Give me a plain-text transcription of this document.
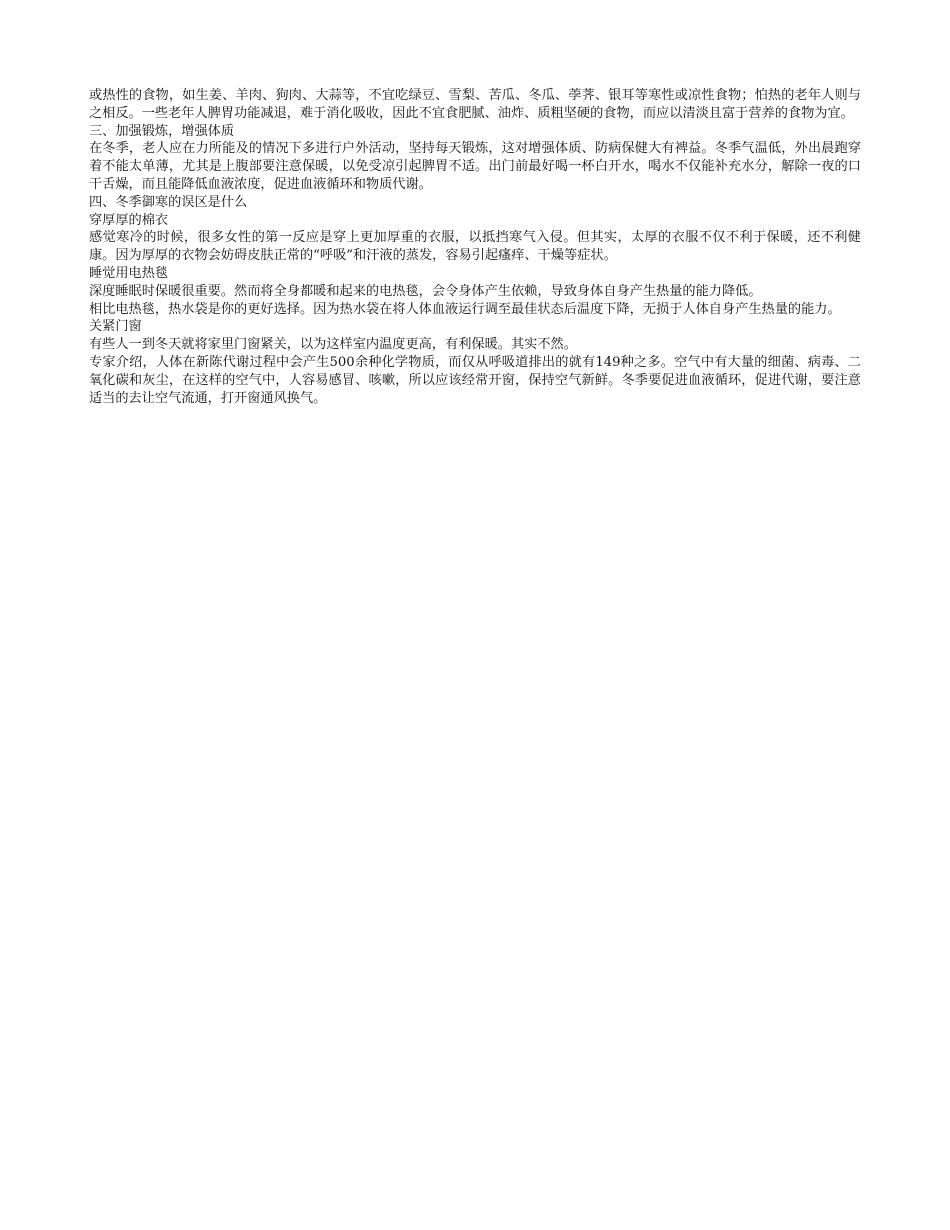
或热性的食物，如生姜、羊肉、狗肉、大蒜等，不宜吃绿豆、雪梨、苦瓜、冬瓜、荸荠、银耳等寒性或凉性食物；怕热的老年人则与之相反。一些老年人脾胃功能减退，难于消化吸收，因此不宜食肥腻、油炸、质粗坚硬的食物，而应以清淡且富于营养的食物为宜。

三、加强锻炼，增强体质

在冬季，老人应在力所能及的情况下多进行户外活动，坚持每天锻炼，这对增强体质、防病保健大有裨益。冬季气温低，外出晨跑穿着不能太单薄，尤其是上腹部要注意保暖，以免受凉引起脾胃不适。出门前最好喝一杯白开水，喝水不仅能补充水分，解除一夜的口干舌燥，而且能降低血液浓度，促进血液循环和物质代谢。

四、冬季御寒的误区是什么
穿厚厚的棉衣

感觉寒冷的时候，很多女性的第一反应是穿上更加厚重的衣服，以抵挡寒气入侵。但其实，太厚的衣服不仅不利于保暖，还不利健康。因为厚厚的衣物会妨碍皮肤正常的“呼吸”和汗液的蒸发，容易引起瘙痒、干燥等症状。

睡觉用电热毯

深度睡眠时保暖很重要。然而将全身都暖和起来的电热毯，会令身体产生依赖，导致身体自身产生热量的能力降低。

相比电热毯，热水袋是你的更好选择。因为热水袋在将人体血液运行调至最佳状态后温度下降，无损于人体自身产生热量的能力。

关紧门窗

有些人一到冬天就将家里门窗紧关，以为这样室内温度更高，有利保暖。其实不然。

专家介绍，人体在新陈代谢过程中会产生500余种化学物质，而仅从呼吸道排出的就有149种之多。空气中有大量的细菌、病毒、二氧化碳和灰尘，在这样的空气中，人容易感冒、咳嗽，所以应该经常开窗，保持空气新鲜。冬季要促进血液循环，促进代谢，要注意适当的去让空气流通，打开窗通风换气。
